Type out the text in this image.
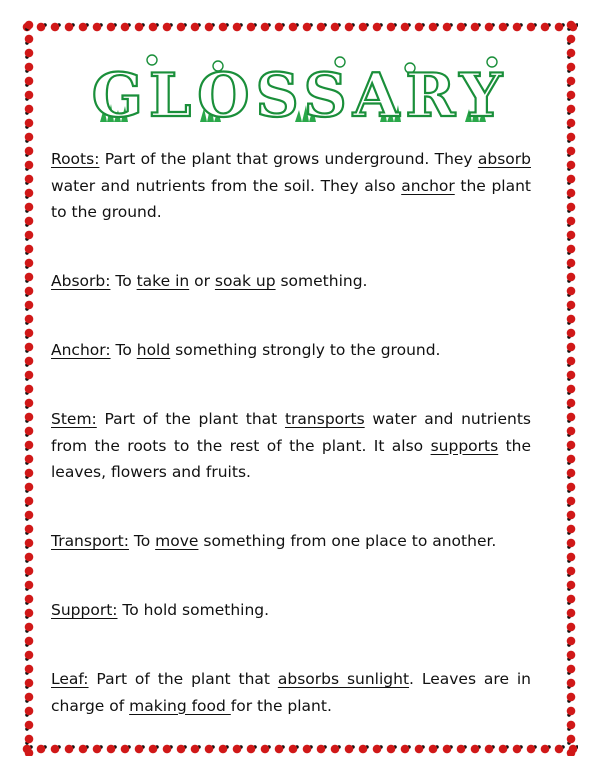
GLOSSARY

Roots: Part of the plant that grows underground. They absorb water and nutrients from the soil. They also anchor the plant to the ground.

Absorb: To take in or soak up something.

Anchor: To hold something strongly to the ground.

Stem: Part of the plant that transports water and nutrients from the roots to the rest of the plant. It also supports the leaves, flowers and fruits.

Transport: To move something from one place to another.

Support: To hold something.

Leaf: Part of the plant that absorbs sunlight. Leaves are in charge of making food for the plant.
